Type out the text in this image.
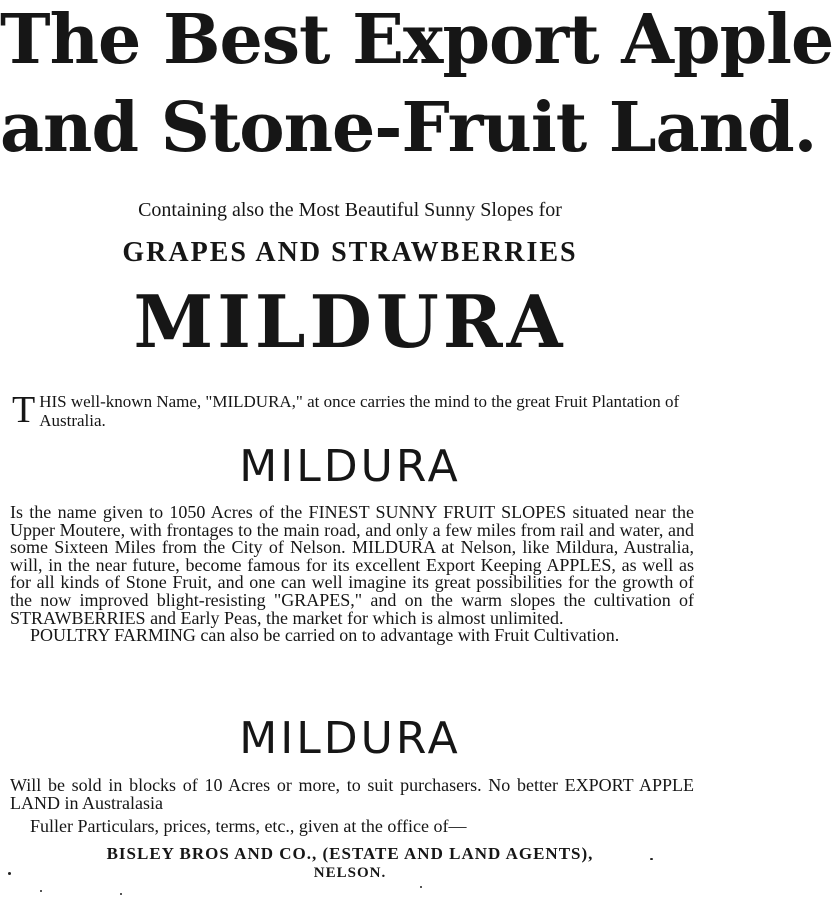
The Best Export Apple
and Stone-Fruit Land.
Containing also the Most Beautiful Sunny Slopes for
GRAPES AND STRAWBERRIES
MILDURA
T HIS well-known Name, "MILDURA," at once carries the mind to the great Fruit Plantation of Australia.
MILDURA

Is the name given to 1050 Acres of the FINEST SUNNY FRUIT SLOPES situated near the Upper Moutere, with frontages to the main road, and only a few miles from rail and water, and some Sixteen Miles from the City of Nelson. MILDURA at Nelson, like Mildura, Australia, will, in the near future, become famous for its excellent Export Keeping APPLES, as well as for all kinds of Stone Fruit, and one can well imagine its great possibilities for the growth of the now improved blight-resisting "GRAPES," and on the warm slopes the cultivation of STRAWBERRIES and Early Peas, the market for which is almost unlimited.

POULTRY FARMING can also be carried on to advantage with Fruit Cultivation.

MILDURA
Will be sold in blocks of 10 Acres or more, to suit purchasers. No better EXPORT APPLE LAND in Australasia
Fuller Particulars, prices, terms, etc., given at the office of—
BISLEY BROS AND CO., (ESTATE AND LAND AGENTS),
NELSON.
